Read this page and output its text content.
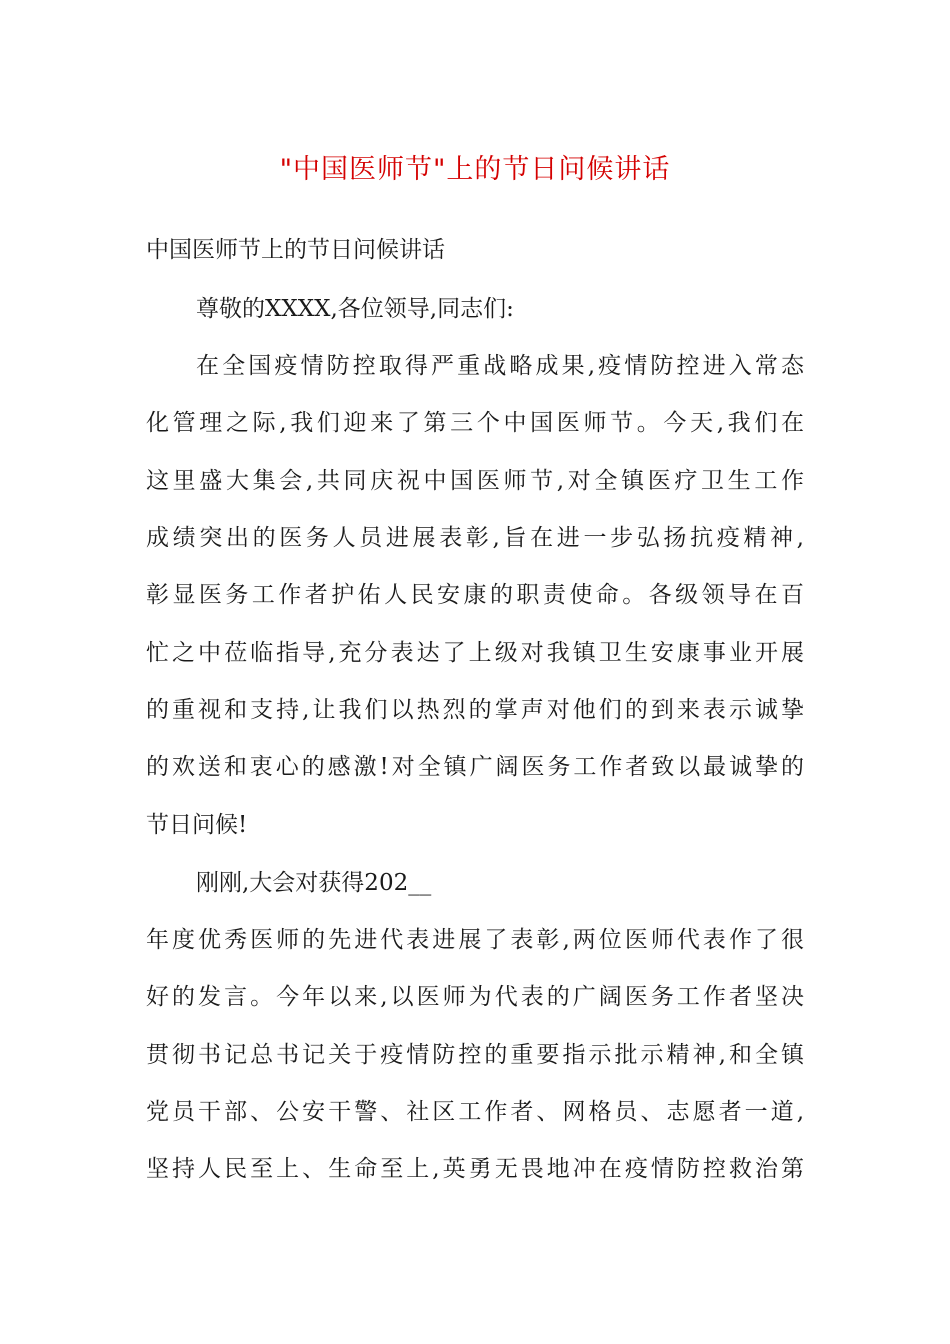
"中国医师节"上的节日问候讲话
中国医师节上的节日问候讲话
尊敬的XXXX,各位领导,同志们:
在全国疫情防控取得严重战略成果,疫情防控进入常态
化管理之际,我们迎来了第三个中国医师节。今天,我们在
这里盛大集会,共同庆祝中国医师节,对全镇医疗卫生工作
成绩突出的医务人员进展表彰,旨在进一步弘扬抗疫精神,
彰显医务工作者护佑人民安康的职责使命。各级领导在百
忙之中莅临指导,充分表达了上级对我镇卫生安康事业开展
的重视和支持,让我们以热烈的掌声对他们的到来表示诚挚
的欢送和衷心的感激!对全镇广阔医务工作者致以最诚挚的
节日问候!
刚刚,大会对获得202__
年度优秀医师的先进代表进展了表彰,两位医师代表作了很
好的发言。今年以来,以医师为代表的广阔医务工作者坚决
贯彻书记总书记关于疫情防控的重要指示批示精神,和全镇
党员干部、公安干警、社区工作者、网格员、志愿者一道,
坚持人民至上、生命至上,英勇无畏地冲在疫情防控救治第
